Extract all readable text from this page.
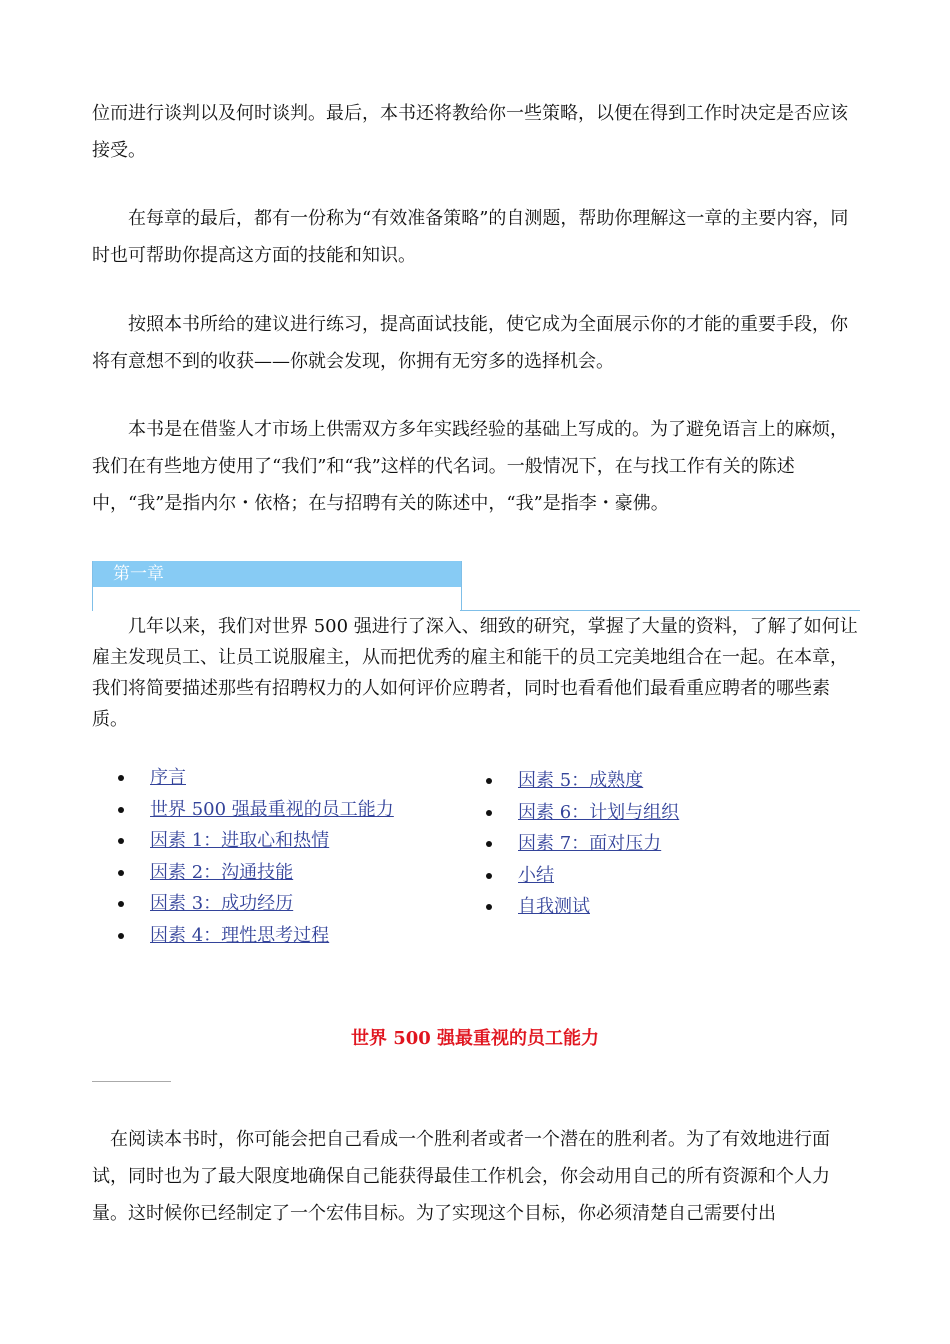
位而进行谈判以及何时谈判。最后，本书还将教给你一些策略，以便在得到工作时决定是否应该接受。

在每章的最后，都有一份称为“有效准备策略”的自测题，帮助你理解这一章的主要内容，同时也可帮助你提高这方面的技能和知识。

按照本书所给的建议进行练习，提高面试技能，使它成为全面展示你的才能的重要手段，你将有意想不到的收获——你就会发现，你拥有无穷多的选择机会。

本书是在借鉴人才市场上供需双方多年实践经验的基础上写成的。为了避免语言上的麻烦，我们在有些地方使用了“我们”和“我”这样的代名词。一般情况下，在与找工作有关的陈述中，“我”是指内尔・依格；在与招聘有关的陈述中，“我”是指李・豪佛。

第一章

几年以来，我们对世界 500 强进行了深入、细致的研究，掌握了大量的资料，了解了如何让雇主发现员工、让员工说服雇主，从而把优秀的雇主和能干的员工完美地组合在一起。在本章，我们将简要描述那些有招聘权力的人如何评价应聘者，同时也看看他们最看重应聘者的哪些素质。

序言
世界 500 强最重视的员工能力
因素 1：进取心和热情
因素 2：沟通技能
因素 3：成功经历
因素 4：理性思考过程
因素 5：成熟度
因素 6：计划与组织
因素 7：面对压力
小结
自我测试
世界 500 强最重视的员工能力

在阅读本书时，你可能会把自己看成一个胜利者或者一个潜在的胜利者。为了有效地进行面试，同时也为了最大限度地确保自己能获得最佳工作机会，你会动用自己的所有资源和个人力量。这时候你已经制定了一个宏伟目标。为了实现这个目标，你必须清楚自己需要付出
